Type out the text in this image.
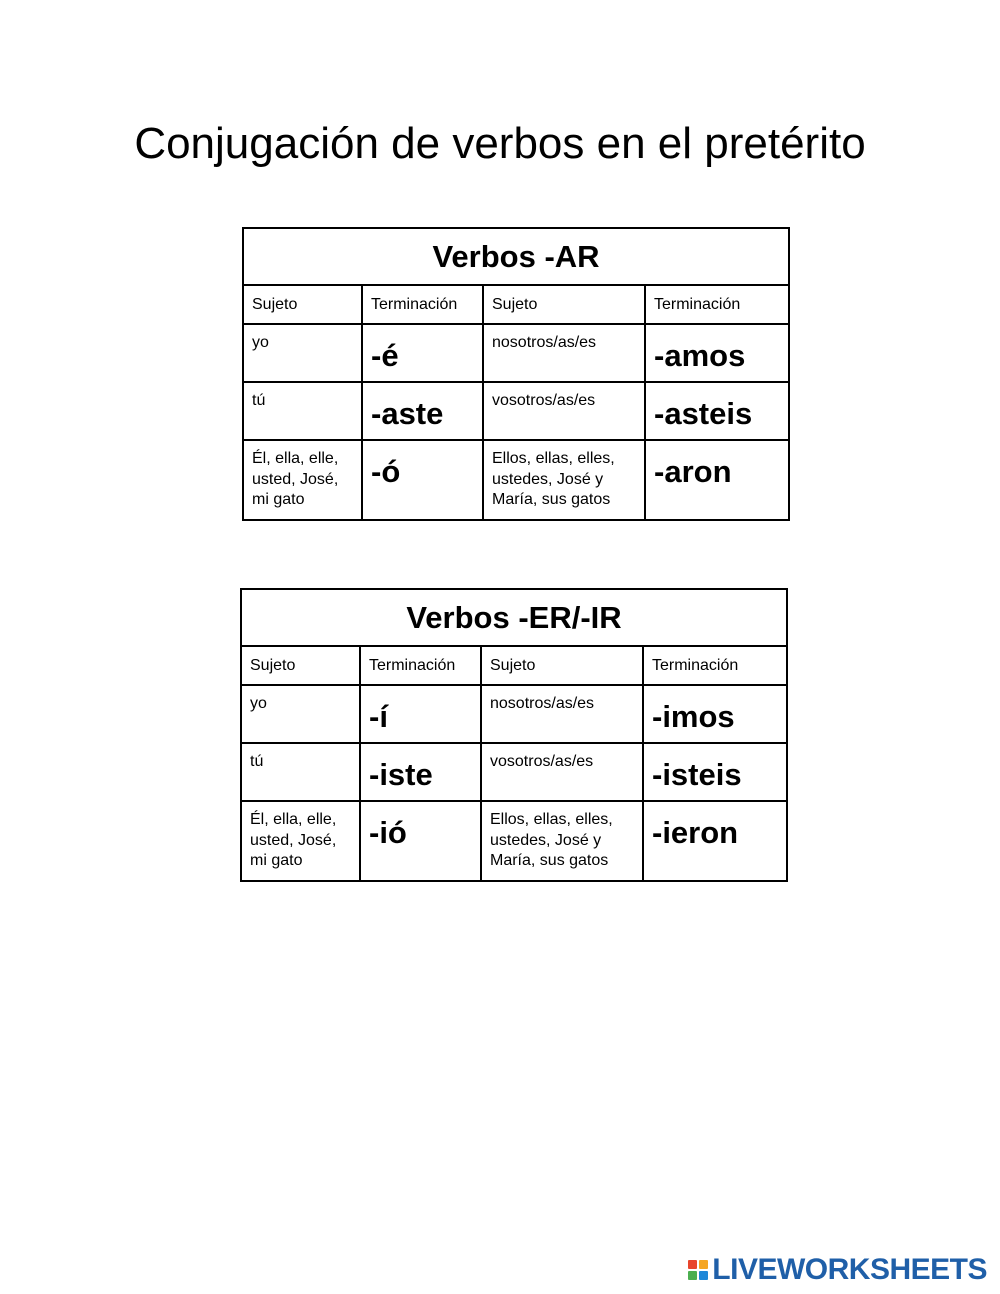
Conjugación de verbos en el pretérito
Verbos -AR			
Sujeto	Terminación	Sujeto	Terminación

yo	-é	nosotros/as/es	-amos

tú	-aste	vosotros/as/es	-asteis

Él, ella, elle, usted, José, mi gato	-ó	Ellos, ellas, elles, ustedes, José y María, sus gatos	-aron
Verbos -ER/-IR			
Sujeto	Terminación	Sujeto	Terminación

yo	-í	nosotros/as/es	-imos

tú	-iste	vosotros/as/es	-isteis

Él, ella, elle, usted, José, mi gato	-ió	Ellos, ellas, elles, ustedes, José y María, sus gatos	-ieron
LIVEWORKSHEETS
